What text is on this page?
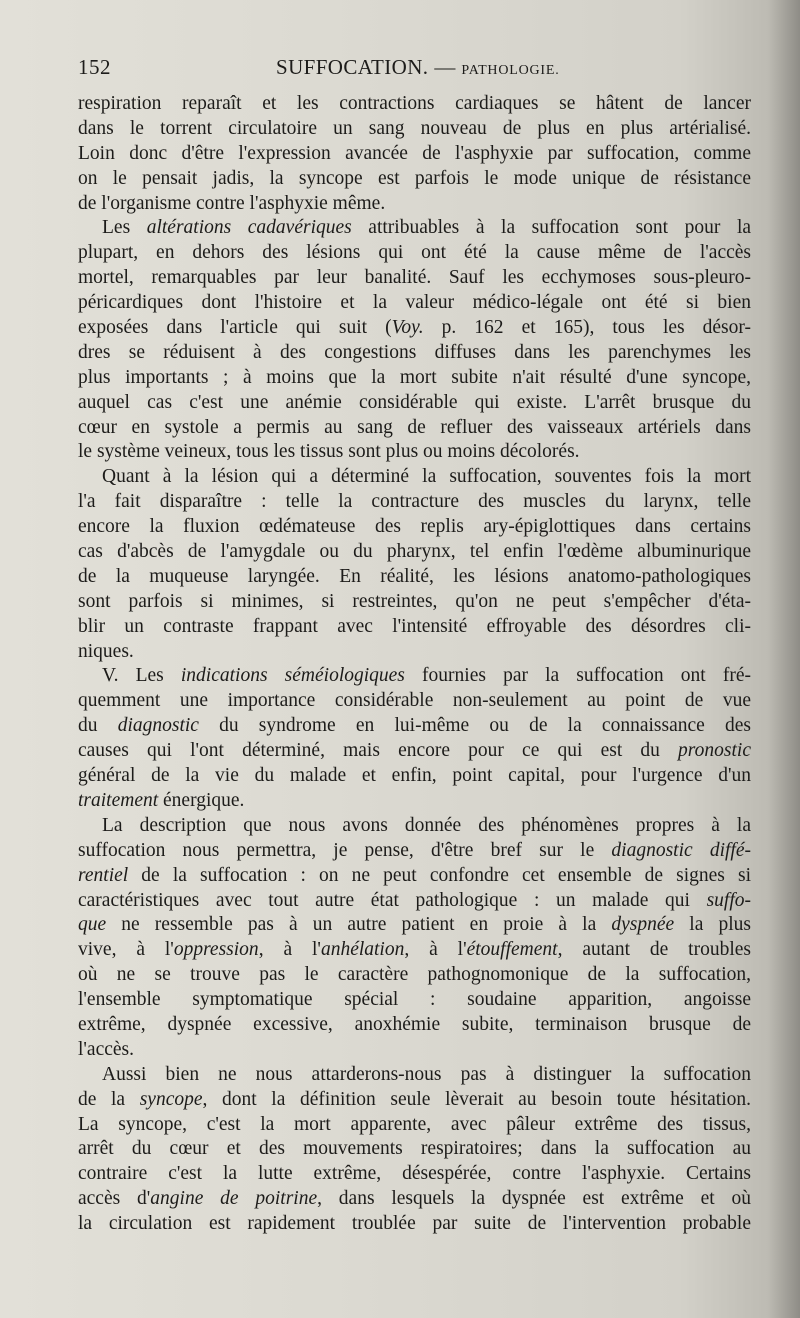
152	SUFFOCATION. — PATHOLOGIE.
respiration reparaît et les contractions cardiaques se hâtent de lancer
dans le torrent circulatoire un sang nouveau de plus en plus artérialisé.
Loin donc d'être l'expression avancée de l'asphyxie par suffocation, comme
on le pensait jadis, la syncope est parfois le mode unique de résistance
de l'organisme contre l'asphyxie même.
Les altérations cadavériques attribuables à la suffocation sont pour la
plupart, en dehors des lésions qui ont été la cause même de l'accès
mortel, remarquables par leur banalité. Sauf les ecchymoses sous-pleuro-
péricardiques dont l'histoire et la valeur médico-légale ont été si bien
exposées dans l'article qui suit (Voy. p. 162 et 165), tous les désor-
dres se réduisent à des congestions diffuses dans les parenchymes les
plus importants ; à moins que la mort subite n'ait résulté d'une syncope,
auquel cas c'est une anémie considérable qui existe. L'arrêt brusque du
cœur en systole a permis au sang de refluer des vaisseaux artériels dans
le système veineux, tous les tissus sont plus ou moins décolorés.
Quant à la lésion qui a déterminé la suffocation, souventes fois la mort
l'a fait disparaître : telle la contracture des muscles du larynx, telle
encore la fluxion œdémateuse des replis ary-épiglottiques dans certains
cas d'abcès de l'amygdale ou du pharynx, tel enfin l'œdème albuminurique
de la muqueuse laryngée. En réalité, les lésions anatomo-pathologiques
sont parfois si minimes, si restreintes, qu'on ne peut s'empêcher d'éta-
blir un contraste frappant avec l'intensité effroyable des désordres cli-
niques.
V. Les indications séméiologiques fournies par la suffocation ont fré-
quemment une importance considérable non-seulement au point de vue
du diagnostic du syndrome en lui-même ou de la connaissance des
causes qui l'ont déterminé, mais encore pour ce qui est du pronostic
général de la vie du malade et enfin, point capital, pour l'urgence d'un
traitement énergique.
La description que nous avons donnée des phénomènes propres à la
suffocation nous permettra, je pense, d'être bref sur le diagnostic diffé-
rentiel de la suffocation : on ne peut confondre cet ensemble de signes si
caractéristiques avec tout autre état pathologique : un malade qui suffo-
que ne ressemble pas à un autre patient en proie à la dyspnée la plus
vive, à l'oppression, à l'anhélation, à l'étouffement, autant de troubles
où ne se trouve pas le caractère pathognomonique de la suffocation,
l'ensemble symptomatique spécial : soudaine apparition, angoisse
extrême, dyspnée excessive, anoxhémie subite, terminaison brusque de
l'accès.
Aussi bien ne nous attarderons-nous pas à distinguer la suffocation
de la syncope, dont la définition seule lèverait au besoin toute hésitation.
La syncope, c'est la mort apparente, avec pâleur extrême des tissus,
arrêt du cœur et des mouvements respiratoires; dans la suffocation au
contraire c'est la lutte extrême, désespérée, contre l'asphyxie. Certains
accès d'angine de poitrine, dans lesquels la dyspnée est extrême et où
la circulation est rapidement troublée par suite de l'intervention probable
